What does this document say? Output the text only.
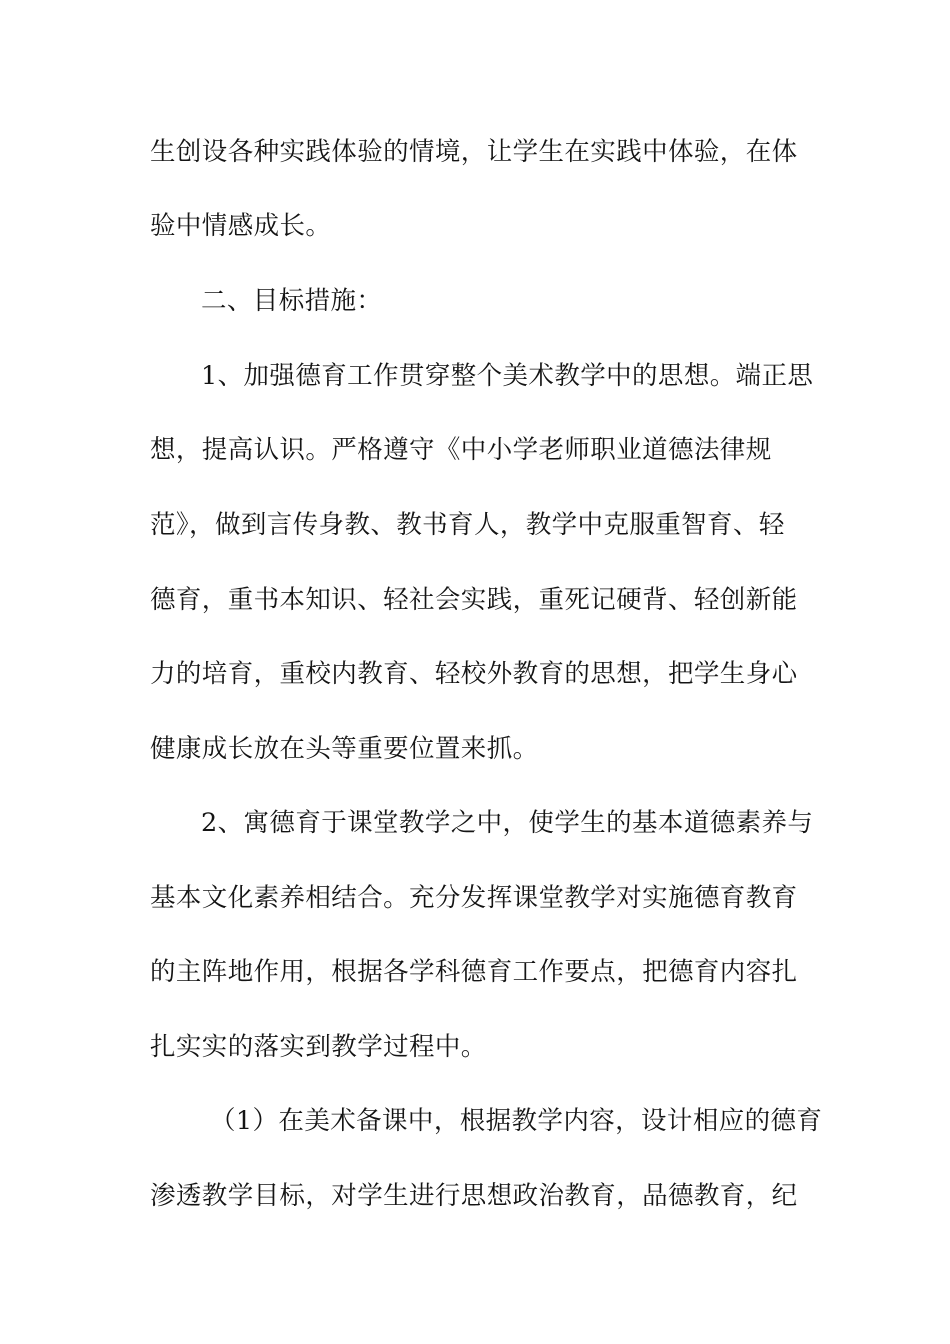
生创设各种实践体验的情境，让学生在实践中体验，在体
验中情感成长。
二、目标措施：
1、加强德育工作贯穿整个美术教学中的思想。端正思
想，提高认识。严格遵守《中小学老师职业道德法律规
范》，做到言传身教、教书育人，教学中克服重智育、轻
德育，重书本知识、轻社会实践，重死记硬背、轻创新能
力的培育，重校内教育、轻校外教育的思想，把学生身心
健康成长放在头等重要位置来抓。
2、寓德育于课堂教学之中，使学生的基本道德素养与
基本文化素养相结合。充分发挥课堂教学对实施德育教育
的主阵地作用，根据各学科德育工作要点，把德育内容扎
扎实实的落实到教学过程中。
（1）在美术备课中，根据教学内容，设计相应的德育
渗透教学目标，对学生进行思想政治教育，品德教育，纪
